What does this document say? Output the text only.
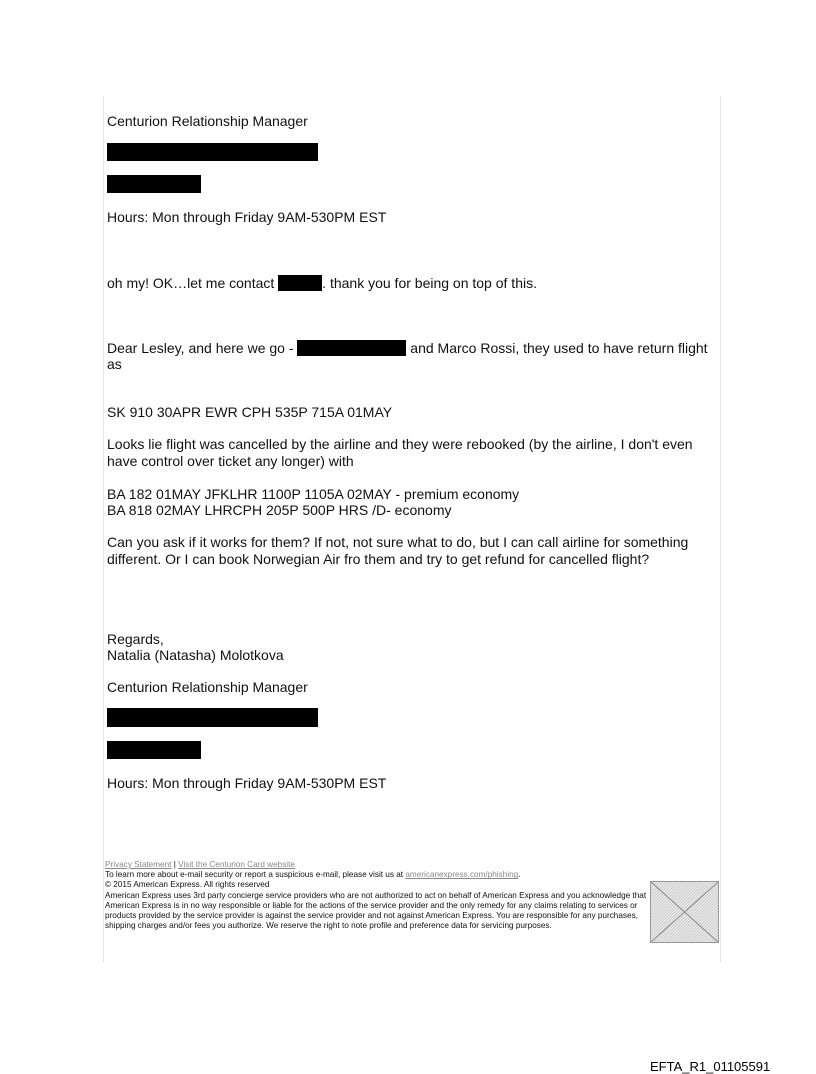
Centurion Relationship Manager

Hours: Mon through Friday 9AM-530PM EST

oh my! OK…let me contact	. thank you for being on top of this.

Dear Lesley, and here we go -	and Marco Rossi, they used to have return flight

as

SK 910 30APR EWR CPH 535P 715A 01MAY

Looks lie flight was cancelled by the airline and they were rebooked (by the airline, I don't even have control over ticket any longer) with

BA 182 01MAY JFKLHR 1100P 1105A 02MAY - premium economy

BA 818 02MAY LHRCPH 205P 500P HRS /D- economy

Can you ask if it works for them? If not, not sure what to do, but I can call airline for something different. Or I can book Norwegian Air fro them and try to get refund for cancelled flight?

Regards,

Natalia (Natasha) Molotkova

Centurion Relationship Manager

Hours: Mon through Friday 9AM-530PM EST

Privacy Statement | Visit the Centurion Card website

To learn more about e-mail security or report a suspicious e-mail, please visit us at americanexpress.com/phishing.

© 2015 American Express. All rights reserved

American Express uses 3rd party concierge service providers who are not authorized to act on behalf of American Express and you acknowledge that American Express is in no way responsible or liable for the actions of the service provider and the only remedy for any claims relating to services or products provided by the service provider is against the service provider and not against American Express. You are responsible for any purchases, shipping charges and/or fees you authorize. We reserve the right to note profile and preference data for servicing purposes.

EFTA_R1_01105591
